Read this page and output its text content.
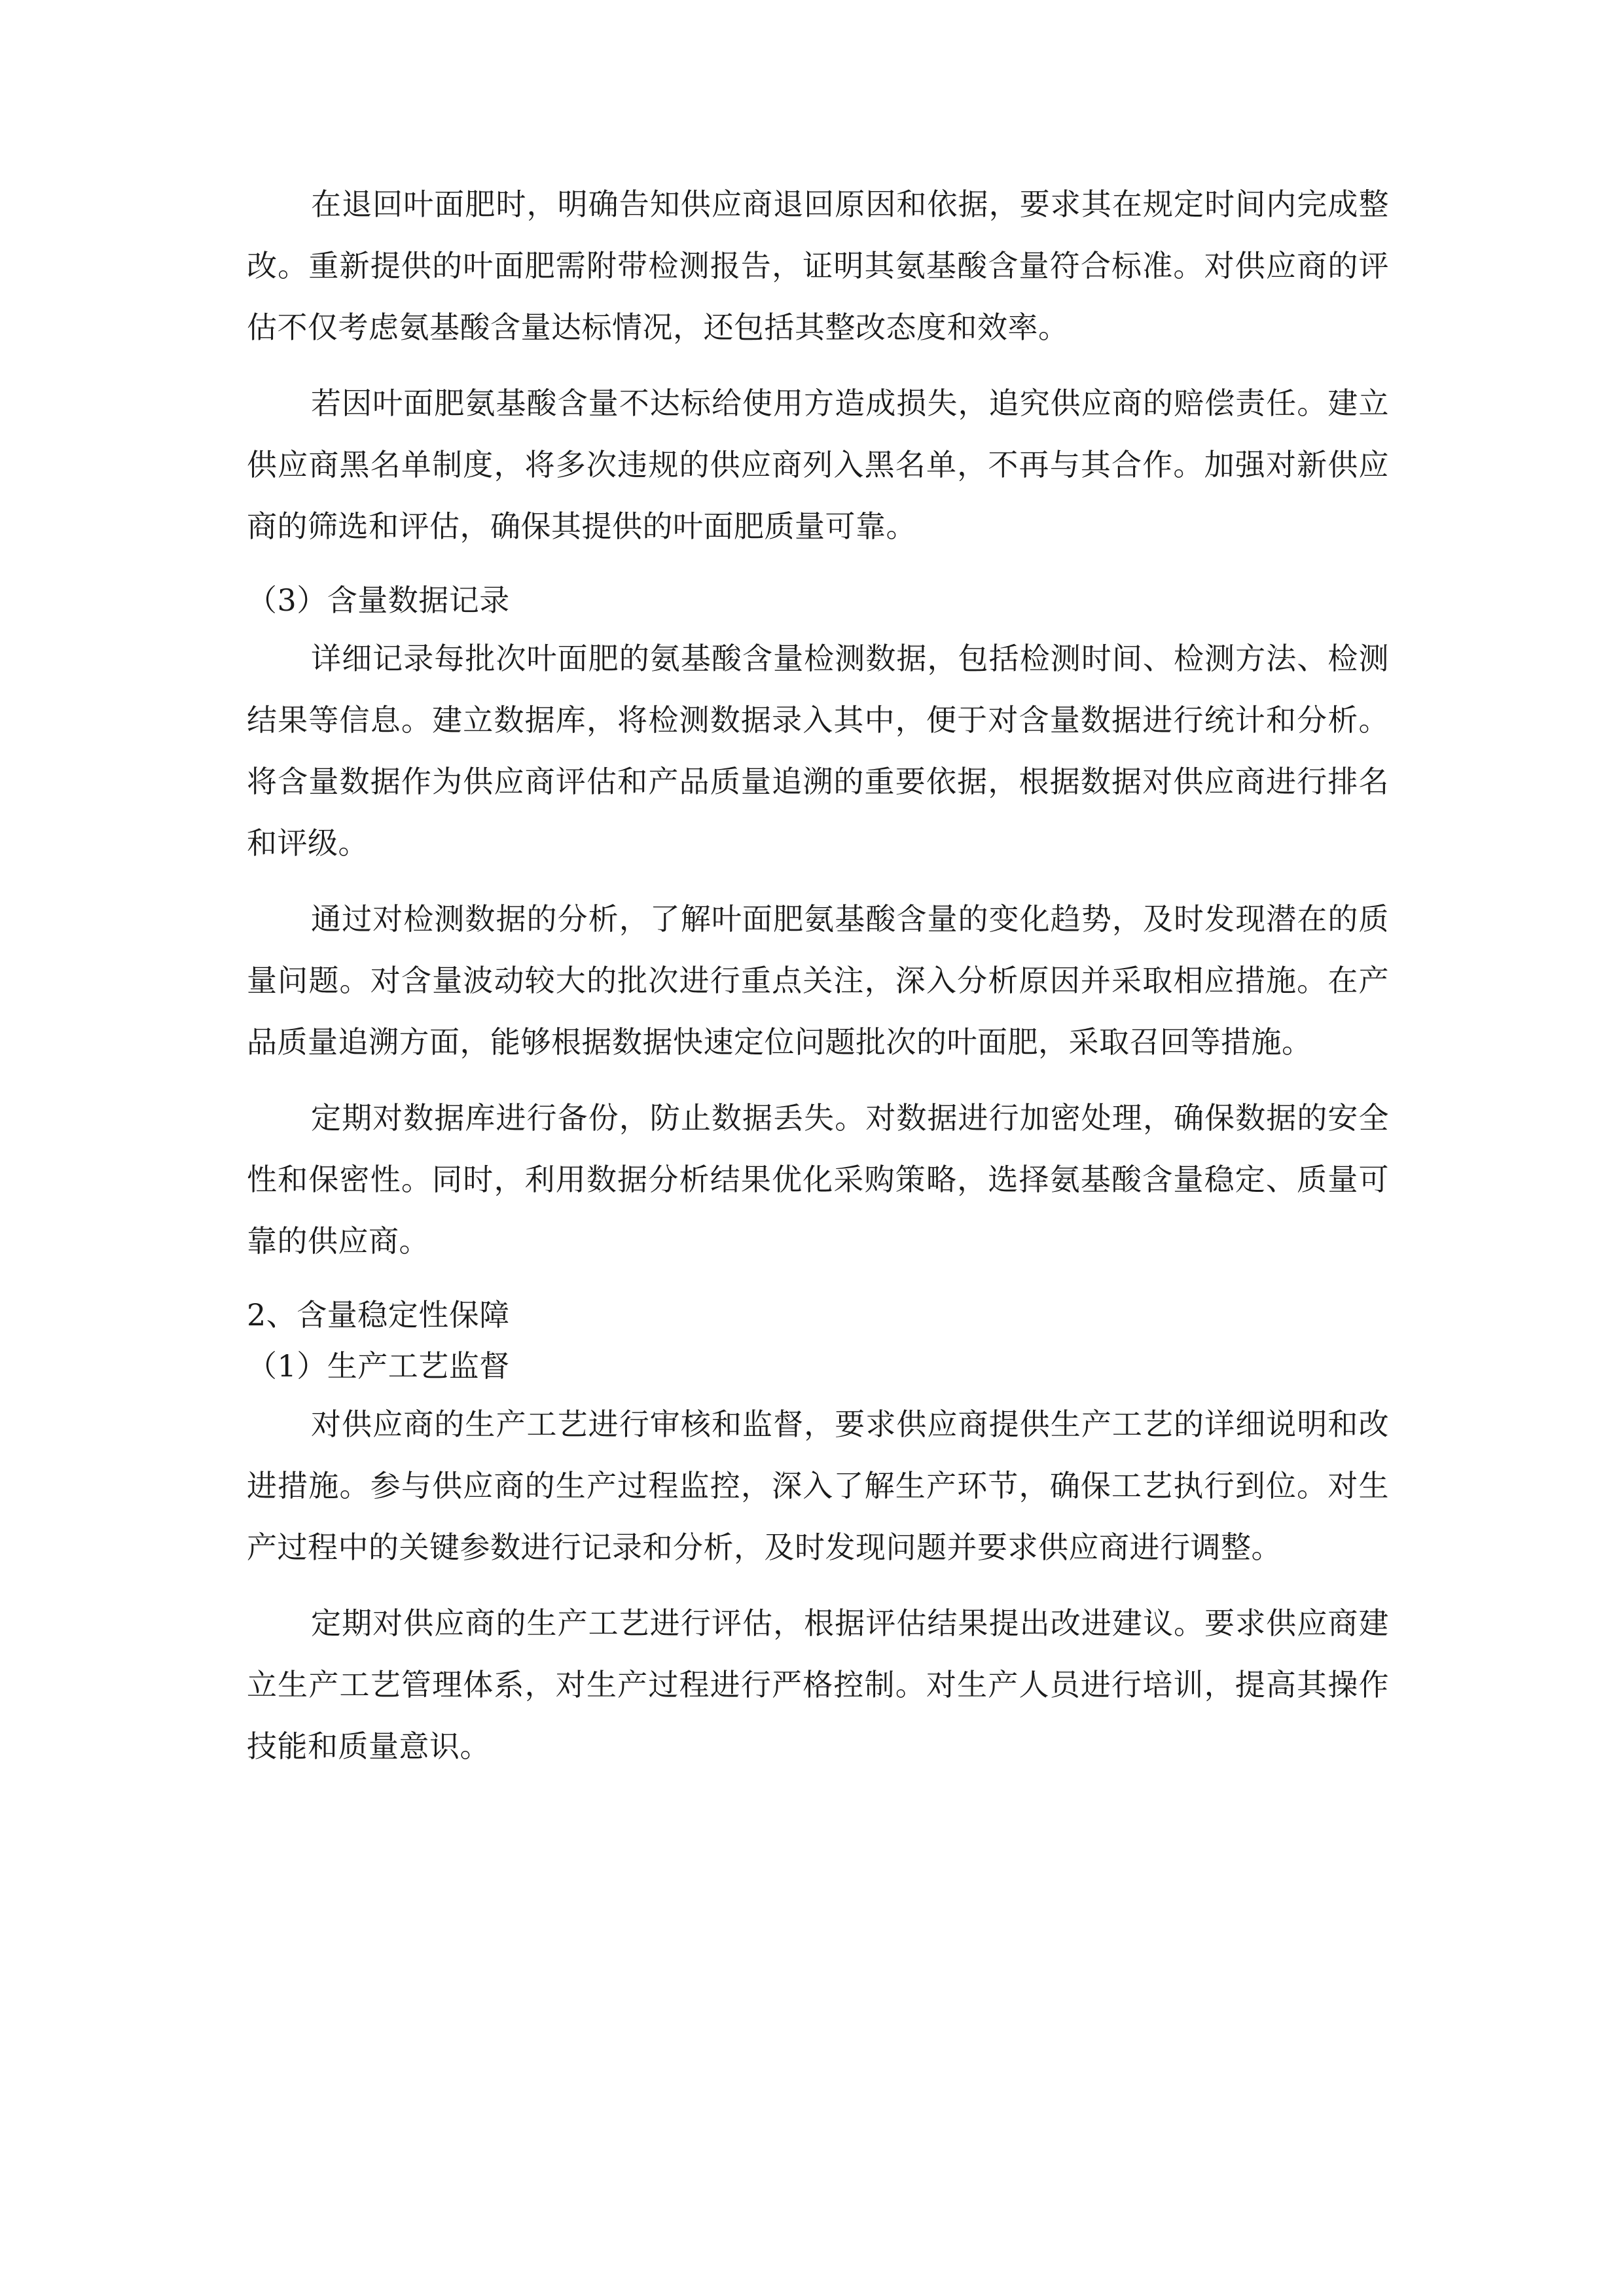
在退回叶面肥时，明确告知供应商退回原因和依据，要求其在规定时间内完成整改。重新提供的叶面肥需附带检测报告，证明其氨基酸含量符合标准。对供应商的评估不仅考虑氨基酸含量达标情况，还包括其整改态度和效率。

若因叶面肥氨基酸含量不达标给使用方造成损失，追究供应商的赔偿责任。建立供应商黑名单制度，将多次违规的供应商列入黑名单，不再与其合作。加强对新供应商的筛选和评估，确保其提供的叶面肥质量可靠。

（3）含量数据记录

详细记录每批次叶面肥的氨基酸含量检测数据，包括检测时间、检测方法、检测结果等信息。建立数据库，将检测数据录入其中，便于对含量数据进行统计和分析。将含量数据作为供应商评估和产品质量追溯的重要依据，根据数据对供应商进行排名和评级。

通过对检测数据的分析，了解叶面肥氨基酸含量的变化趋势，及时发现潜在的质量问题。对含量波动较大的批次进行重点关注，深入分析原因并采取相应措施。在产品质量追溯方面，能够根据数据快速定位问题批次的叶面肥，采取召回等措施。

定期对数据库进行备份，防止数据丢失。对数据进行加密处理，确保数据的安全性和保密性。同时，利用数据分析结果优化采购策略，选择氨基酸含量稳定、质量可靠的供应商。

2、含量稳定性保障

（1）生产工艺监督

对供应商的生产工艺进行审核和监督，要求供应商提供生产工艺的详细说明和改进措施。参与供应商的生产过程监控，深入了解生产环节，确保工艺执行到位。对生产过程中的关键参数进行记录和分析，及时发现问题并要求供应商进行调整。

定期对供应商的生产工艺进行评估，根据评估结果提出改进建议。要求供应商建立生产工艺管理体系，对生产过程进行严格控制。对生产人员进行培训，提高其操作技能和质量意识。
